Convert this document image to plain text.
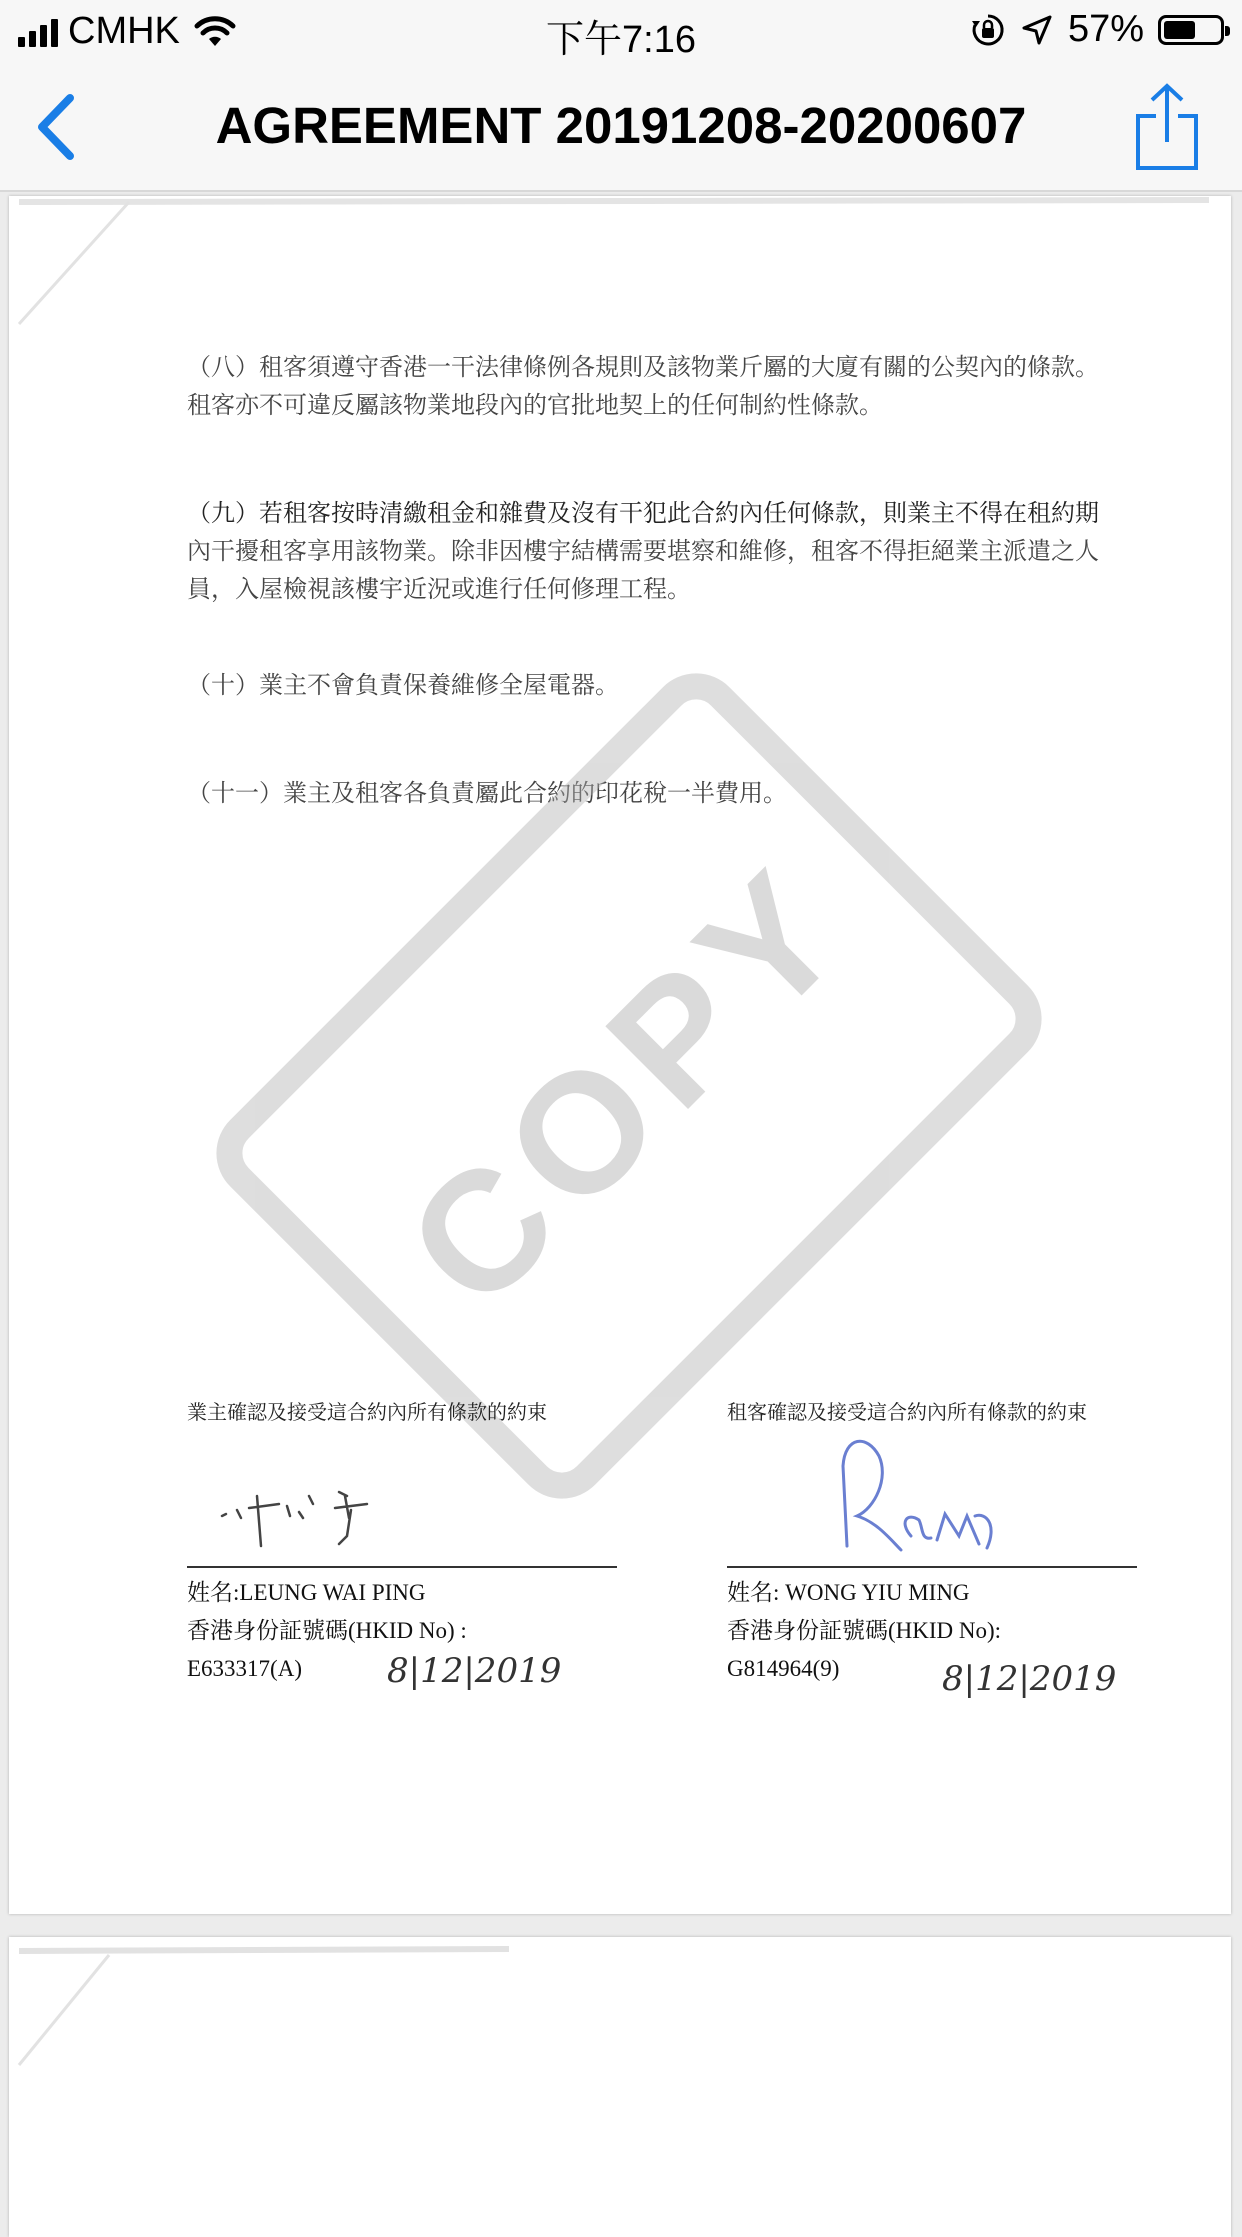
CMHK	下午7:16	57%
AGREEMENT 20191208-20200607
（八）租客須遵守香港一干法律條例各規則及該物業斤屬的大廈有關的公契內的條款。
租客亦不可違反屬該物業地段內的官批地契上的任何制約性條款。
（九）若租客按時清繳租金和雜費及沒有干犯此合約內任何條款，則業主不得在租約期
內干擾租客享用該物業。除非因樓宇結構需要堪察和維修，租客不得拒絕業主派遣之人
員，入屋檢視該樓宇近況或進行任何修理工程。
（十）業主不會負責保養維修全屋電器。
（十一）業主及租客各負責屬此合約的印花稅一半費用。
COPY
業主確認及接受這合約內所有條款的約束
姓名:LEUNG WAI PING
香港身份証號碼(HKID No) :
E633317(A)	8|12|2019
租客確認及接受這合約內所有條款的約束
姓名: WONG YIU MING
香港身份証號碼(HKID No):
G814964(9)	8|12|2019
